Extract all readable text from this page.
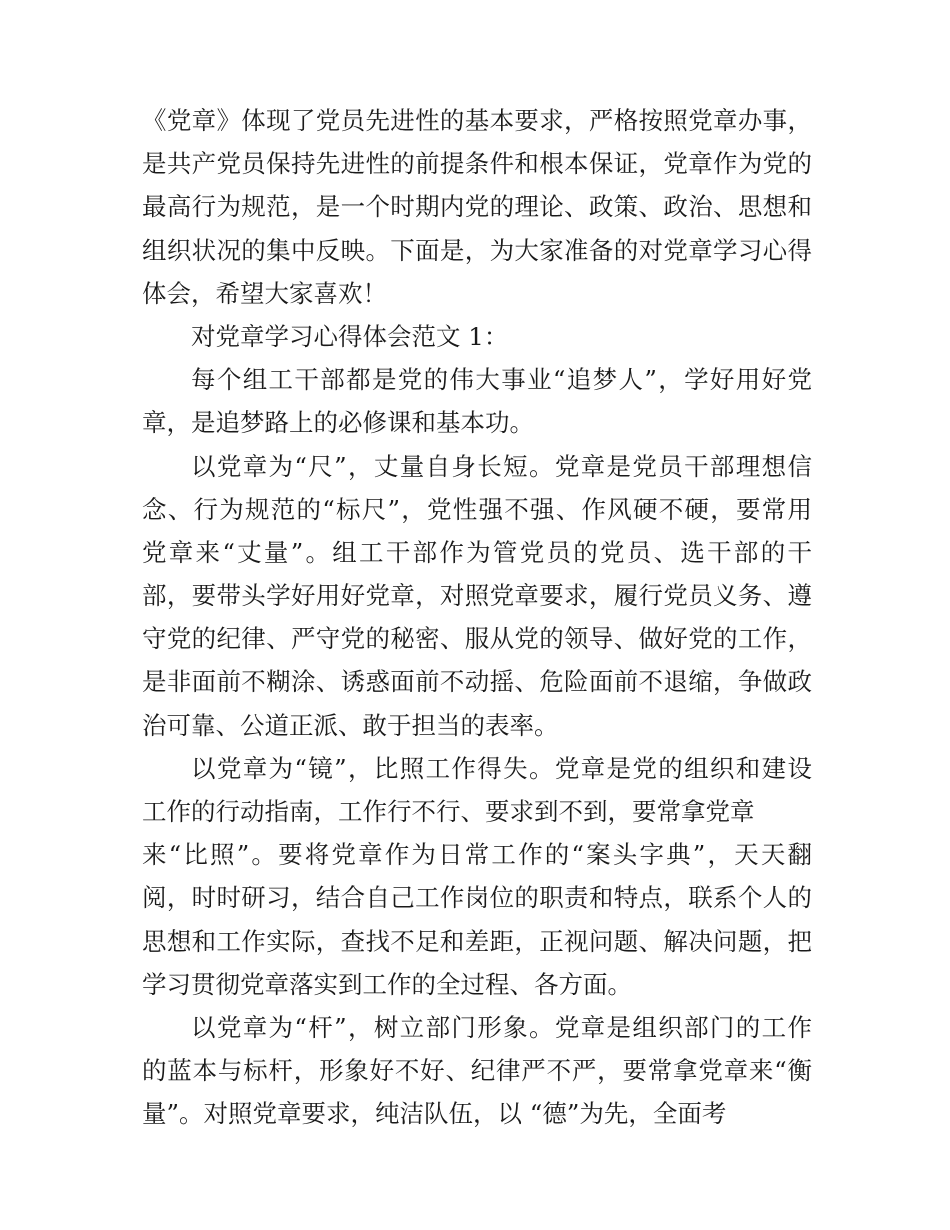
《党章》体现了党员先进性的基本要求，严格按照党章办事，
是共产党员保持先进性的前提条件和根本保证，党章作为党的
最高行为规范，是一个时期内党的理论、政策、政治、思想和
组织状况的集中反映。下面是，为大家准备的对党章学习心得
体会，希望大家喜欢！
对党章学习心得体会范文 1：
每个组工干部都是党的伟大事业“追梦人”，学好用好党
章，是追梦路上的必修课和基本功。
以党章为“尺”，丈量自身长短。党章是党员干部理想信
念、行为规范的“标尺”，党性强不强、作风硬不硬，要常用
党章来“丈量”。组工干部作为管党员的党员、选干部的干
部，要带头学好用好党章，对照党章要求，履行党员义务、遵
守党的纪律、严守党的秘密、服从党的领导、做好党的工作，
是非面前不糊涂、诱惑面前不动摇、危险面前不退缩，争做政
治可靠、公道正派、敢于担当的表率。
以党章为“镜”，比照工作得失。党章是党的组织和建设
工作的行动指南，工作行不行、要求到不到，要常拿党章
来“比照”。要将党章作为日常工作的“案头字典”，天天翻
阅，时时研习，结合自己工作岗位的职责和特点，联系个人的
思想和工作实际，查找不足和差距，正视问题、解决问题，把
学习贯彻党章落实到工作的全过程、各方面。
以党章为“杆”，树立部门形象。党章是组织部门的工作
的蓝本与标杆，形象好不好、纪律严不严，要常拿党章来“衡
量”。对照党章要求，纯洁队伍，以 “德”为先，全面考
